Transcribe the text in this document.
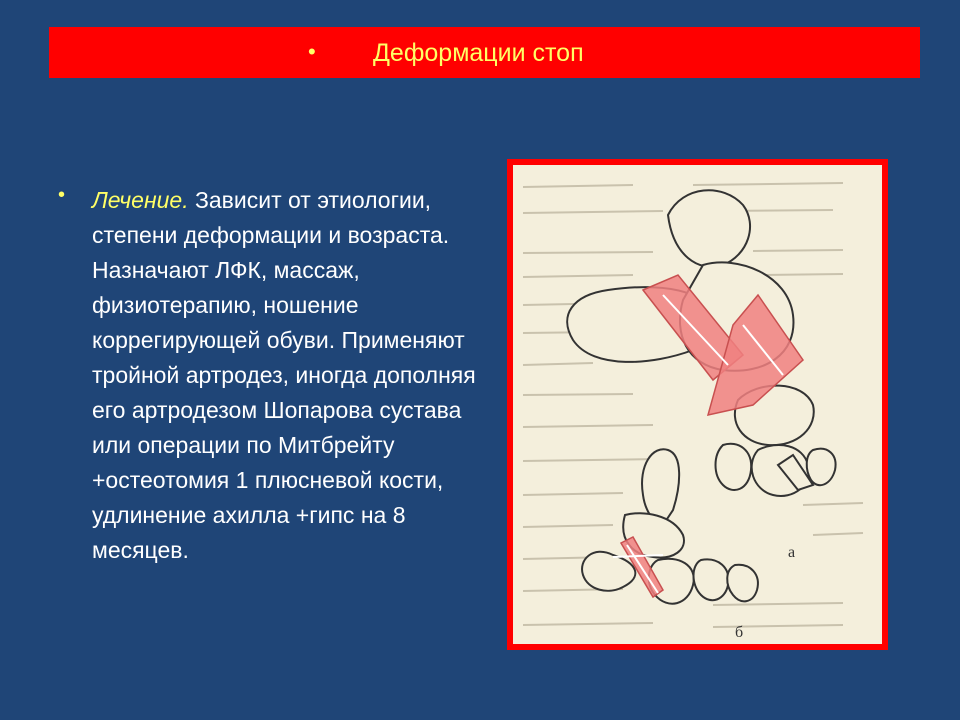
• Деформации стоп
• Лечение. Зависит от этиологии, степени деформации и возраста. Назначают ЛФК, массаж, физиотерапию, ношение коррегирующей обуви. Применяют тройной артродез, иногда дополняя его артродезом Шопарова сустава или операции по Митбрейту +остеотомия 1 плюсневой кости, удлинение ахилла +гипс на 8 месяцев.	а
б
